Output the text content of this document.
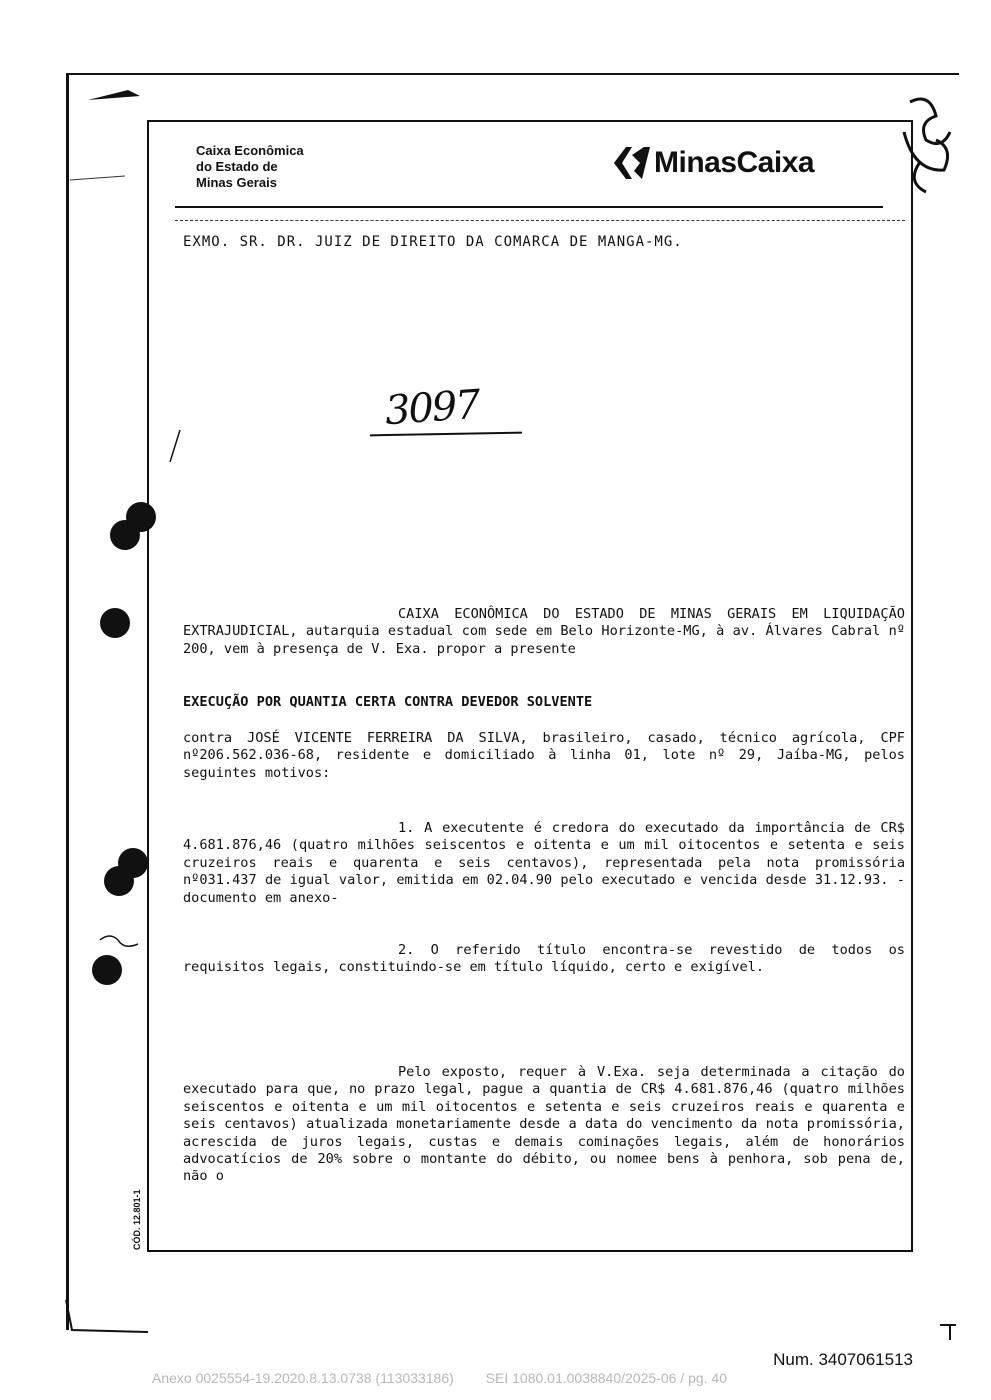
Caixa Econômica
do Estado de
Minas Gerais
MinasCaixa
EXMO. SR. DR. JUIZ DE DIREITO DA COMARCA DE MANGA-MG.
3097
CAIXA ECONÔMICA DO ESTADO DE MINAS GERAIS EM LIQUIDAÇÃO EXTRAJUDICIAL, autarquia estadual com sede em Belo Horizonte-MG, à av. Álvares Cabral nº 200, vem à presença de V. Exa. propor a presente
EXECUÇÃO POR QUANTIA CERTA CONTRA DEVEDOR SOLVENTE
contra JOSÉ VICENTE FERREIRA DA SILVA, brasileiro, casado, técnico agrícola, CPF nº206.562.036-68, residente e domiciliado à linha 01, lote nº 29, Jaíba-MG, pelos seguintes motivos:
1. A executente é credora do executado da importância de CR$ 4.681.876,46 (quatro milhões seiscentos e oitenta e um mil oitocentos e setenta e seis cruzeiros reais e quarenta e seis centavos), representada pela nota promissória nº031.437 de igual valor, emitida em 02.04.90 pelo executado e vencida desde 31.12.93. -documento em anexo-
2. O referido título encontra-se revestido de todos os requisitos legais, constituindo-se em título líquido, certo e exigível.
Pelo exposto, requer à V.Exa. seja determinada a citação do executado para que, no prazo legal, pague a quantia de CR$ 4.681.876,46 (quatro milhões seiscentos e oitenta e um mil oitocentos e setenta e seis cruzeiros reais e quarenta e seis centavos) atualizada monetariamente desde a data do vencimento da nota promissória, acrescida de juros legais, custas e demais cominações legais, além de honorários advocatícios de 20% sobre o montante do débito, ou nomee bens à penhora, sob pena de, não o
CÓD. 12.801-1
Num. 3407061513
Anexo 0025554-19.2020.8.13.0738 (113033186) SEI 1080.01.0038840/2025-06 / pg. 40
